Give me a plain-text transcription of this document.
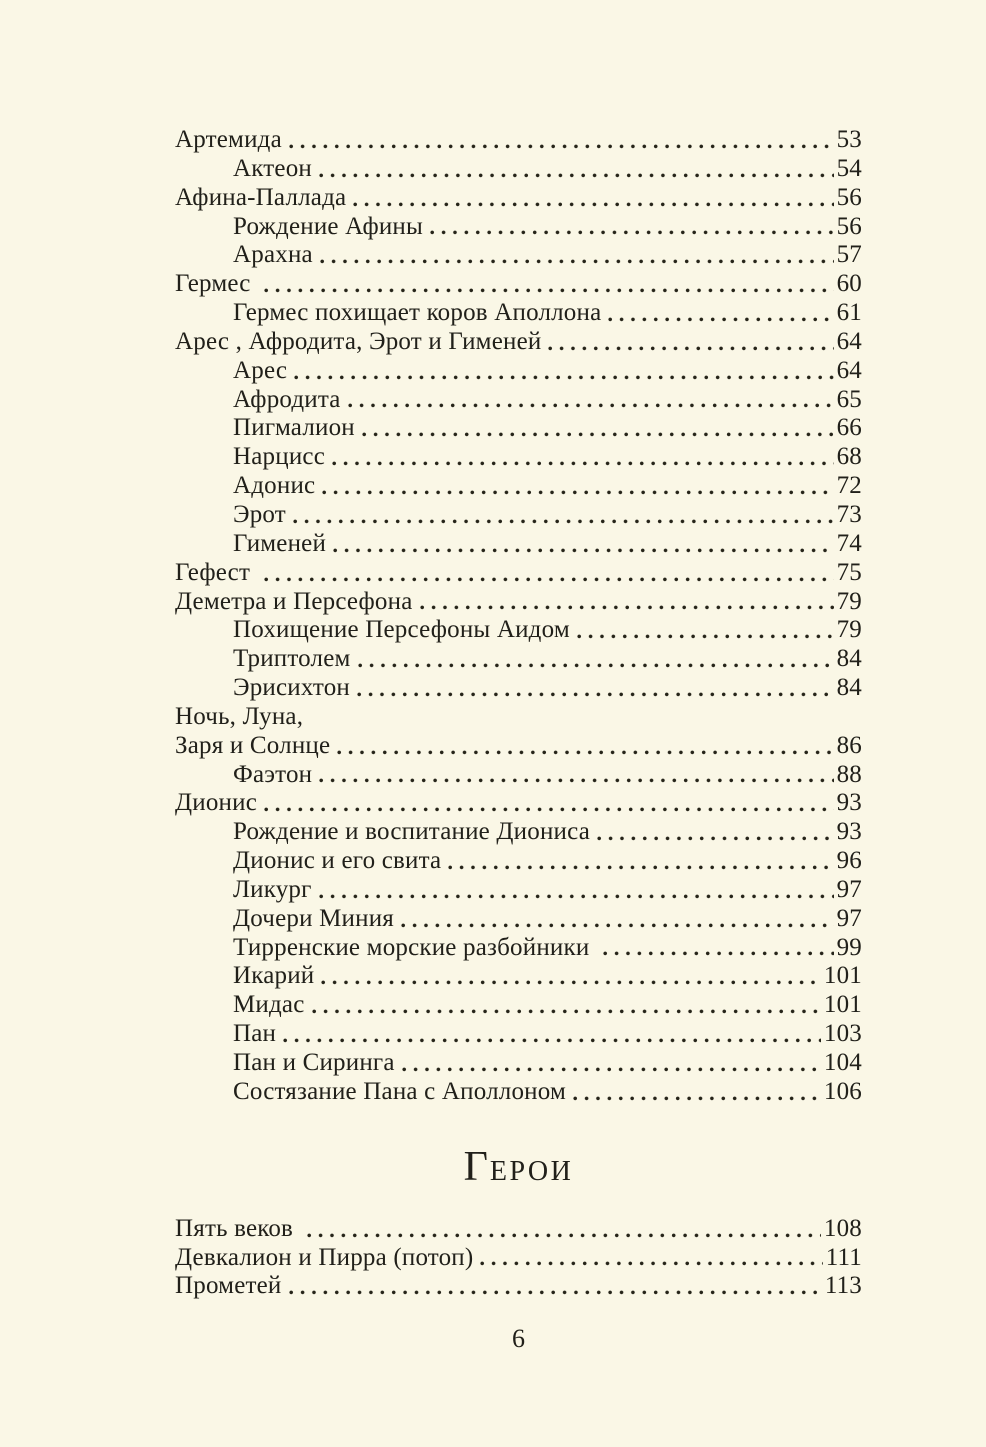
Артемида	53
Актеон	54
Афина-Паллада	56
Рождение Афины	56
Арахна	57
Гермес	60
Гермес похищает коров Аполлона	61
Арес , Афродита, Эрот и Гименей	64
Арес	64
Афродита	65
Пигмалион	66
Нарцисс	68
Адонис	72
Эрот	73
Гименей	74
Гефест	75
Деметра и Персефона	79
Похищение Персефоны Аидом	79
Триптолем	84
Эрисихтон	84
Ночь, Луна,
Заря и Солнце	86
Фаэтон	88
Дионис	93
Рождение и воспитание Диониса	93
Дионис и его свита	96
Ликург	97
Дочери Миния	97
Тирренские морские разбойники	99
Икарий	101
Мидас	101
Пан	103
Пан и Сиринга	104
Состязание Пана с Аполлоном	106
ГЕРОИ
Пять веков	108
Девкалион и Пирра (потоп)	111
Прометей	113
6
